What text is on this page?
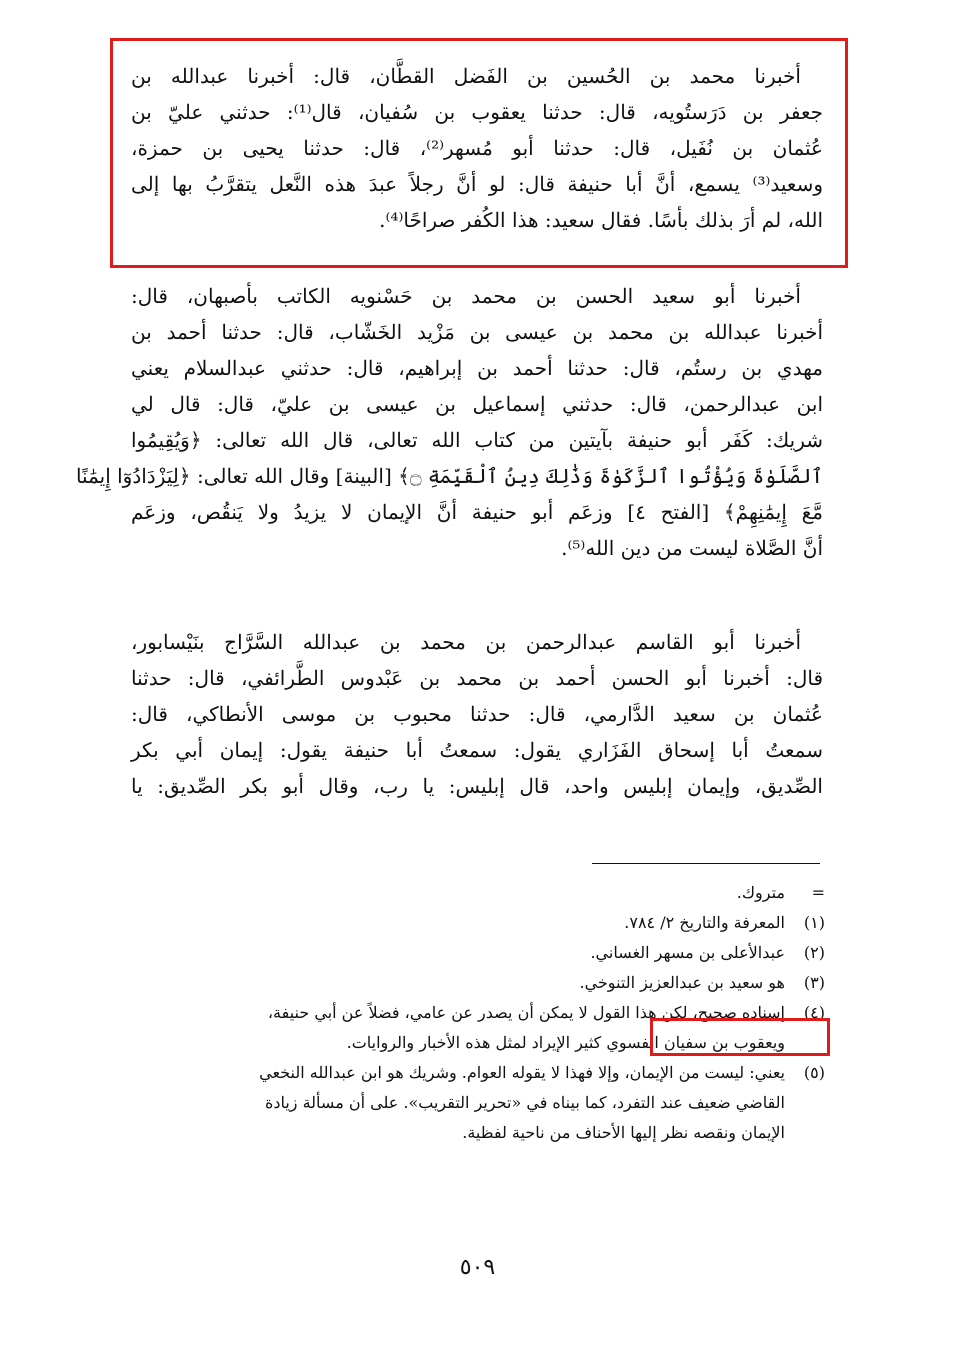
أخبرنا محمد بن الحُسين بن الفَضل القطَّان، قال: أخبرنا عبدالله بن
جعفر بن دَرَستُويه، قال: حدثنا يعقوب بن سُفيان، قال⁽¹⁾: حدثني عليّ بن
عُثمان بن نُفَيل، قال: حدثنا أبو مُسهر⁽²⁾، قال: حدثنا يحيى بن حمزة،
وسعيد⁽³⁾ يسمع، أنَّ أبا حنيفة قال: لو أنَّ رجلاً عبدَ هذه النَّعل يتقرَّبُ بها إلى
الله، لم أرَ بذلك بأسًا. فقال سعيد: هذا الكُفر صراحًا⁽⁴⁾.
أخبرنا أبو سعيد الحسن بن محمد بن حَسْنويه الكاتب بأصبهان، قال:
أخبرنا عبدالله بن محمد بن عيسى بن مَزْيد الخَشّاب، قال: حدثنا أحمد بن
مهدي بن رستُم، قال: حدثنا أحمد بن إبراهيم، قال: حدثني عبدالسلام يعني
ابن عبدالرحمن، قال: حدثني إسماعيل بن عيسى بن عليّ، قال: قال لي
شريك: كَفَر أبو حنيفة بآيتين من كتاب الله تعالى، قال الله تعالى: ﴿وَيُقِيمُوا
ٱلصَّلَوٰةَ وَيُؤْتُوا ٱلزَّكَوٰةَ وَذَٰلِكَ دِينُ ٱلْقَيِّمَةِ ۝﴾ [البينة] وقال الله تعالى: ﴿لِيَزْدَادُوٓا إِيمَٰنًا
مَّعَ إِيمَٰنِهِمْ﴾ [الفتح ٤] وزعَم أبو حنيفة أنَّ الإيمان لا يزيدُ ولا يَنقُص، وزعَم
أنَّ الصَّلاة ليست من دين الله⁽⁵⁾.
أخبرنا أبو القاسم عبدالرحمن بن محمد بن عبدالله السَّرَّاج بنَيْسابور،
قال: أخبرنا أبو الحسن أحمد بن محمد بن عَبْدوس الطَّرائفي، قال: حدثنا
عُثمان بن سعيد الدَّارمي، قال: حدثنا محبوب بن موسى الأنطاكي، قال:
سمعتُ أبا إسحاق الفَزَاري يقول: سمعتُ أبا حنيفة يقول: إيمان أبي بكر
الصِّديق، وإيمان إبليس واحد، قال إبليس: يا رب، وقال أبو بكر الصِّديق: يا
=
متروك.
(١)
المعرفة والتاريخ ٢/ ٧٨٤.
(٢)
عبدالأعلى بن مسهر الغساني.
(٣)
هو سعيد بن عبدالعزيز التنوخي.
(٤)
إسناده صحيح، لكن هذا القول لا يمكن أن يصدر عن عامي، فضلاً عن أبي حنيفة،
ويعقوب بن سفيان الفسوي كثير الإيراد لمثل هذه الأخبار والروايات.
(٥)
يعني: ليست من الإيمان، وإلا فهذا لا يقوله العوام. وشريك هو ابن عبدالله النخعي
القاضي ضعيف عند التفرد، كما بيناه في «تحرير التقريب». على أن مسألة زيادة
الإيمان ونقصه نظر إليها الأحناف من ناحية لفظية.
٥٠٩
